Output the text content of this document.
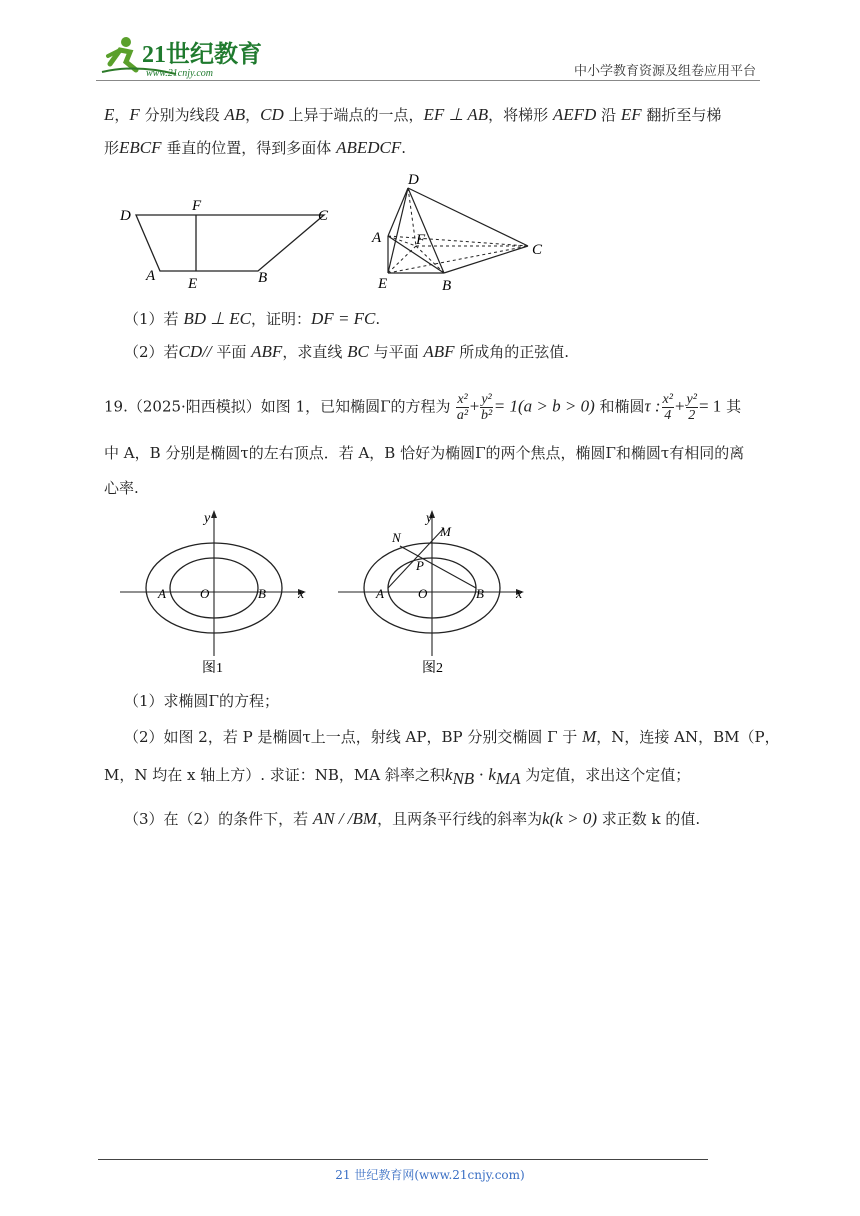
21世纪教育
www.21cnjy.com	中小学教育资源及组卷应用平台
E，F 分别为线段 AB，CD 上异于端点的一点，EF ⊥ AB，将梯形 AEFD 沿 EF 翻折至与梯
形EBCF 垂直的位置，得到多面体 ABEDCF.
D
F
C
A E	B
D
A F
C
E	B
（1）若 BD ⊥ EC，证明：DF = FC.
（2）若CD// 平面 ABF，求直线 BC 与平面 ABF 所成角的正弦值.
19.（2025·阳西模拟）如图 1，已知椭圆Γ的方程为 $\frac{\text{x²}}{\text{a²}} + \frac{\text{y²}}{\text{b²}} = 1(a > b > 0)$ 和椭圆τ : $\frac{\text{x²}}{4} + \frac{\text{y²}}{2} = 1$ 其
中 A，B 分别是椭圆τ的左右顶点．若 A，B 恰好为椭圆Γ的两个焦点，椭圆Γ和椭圆τ有相同的离
心率.
y
x
A	O	B
图1
y
x
N	M
P
A	O	B
图2
（1）求椭圆Γ的方程；
（2）如图 2，若 P 是椭圆τ上一点，射线 AP，BP 分别交椭圆 Γ 于 M，N，连接 AN，BM（P，
M，N 均在 x 轴上方）. 求证：NB，MA 斜率之积$k_{NB} \cdot k_{MA}$ 为定值，求出这个定值；
（3）在（2）的条件下，若 AN / /BM，且两条平行线的斜率为k(k > 0) 求正数 k 的值.
21 世纪教育网(www.21cnjy.com)
